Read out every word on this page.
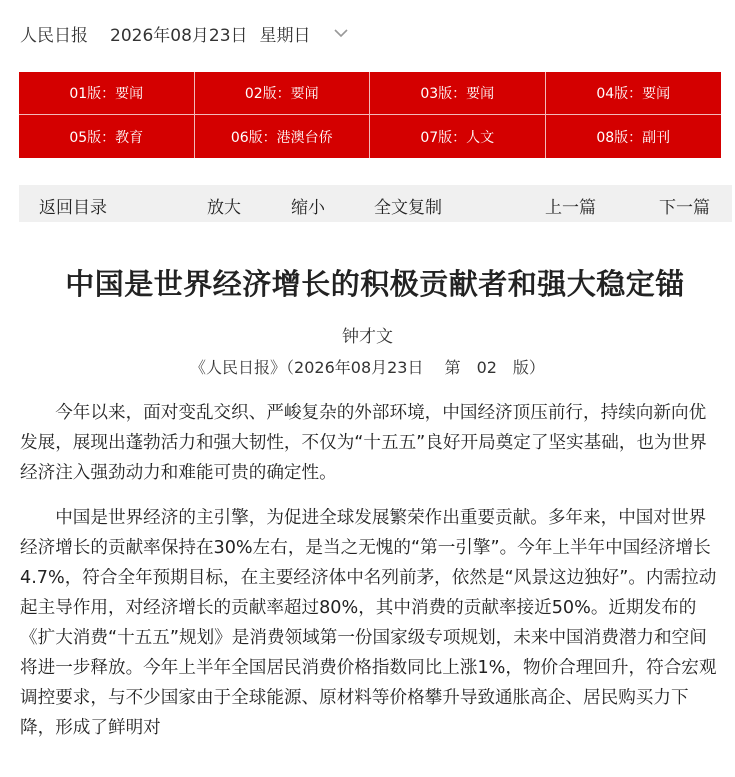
人民日报 2026年08月23日 星期日
01版：要闻	02版：要闻	03版：要闻	04版：要闻
05版：教育	06版：港澳台侨	07版：人文	08版：副刊
返回目录	放大	缩小	全文复制	上一篇	下一篇
中国是世界经济增长的积极贡献者和强大稳定锚
钟才文
《人民日报》（2026年08月23日　 第　02　版）

今年以来，面对变乱交织、严峻复杂的外部环境，中国经济顶压前行，持续向新向优发展，展现出蓬勃活力和强大韧性，不仅为“十五五”良好开局奠定了坚实基础，也为世界经济注入强劲动力和难能可贵的确定性。

中国是世界经济的主引擎，为促进全球发展繁荣作出重要贡献。多年来，中国对世界经济增长的贡献率保持在30%左右，是当之无愧的“第一引擎”。今年上半年中国经济增长4.7%，符合全年预期目标，在主要经济体中名列前茅，依然是“风景这边独好”。内需拉动起主导作用，对经济增长的贡献率超过80%，其中消费的贡献率接近50%。近期发布的《扩大消费“十五五”规划》是消费领域第一份国家级专项规划，未来中国消费潜力和空间将进一步释放。今年上半年全国居民消费价格指数同比上涨1%，物价合理回升，符合宏观调控要求，与不少国家由于全球能源、原材料等价格攀升导致通胀高企、居民购买力下降，形成了鲜明对
